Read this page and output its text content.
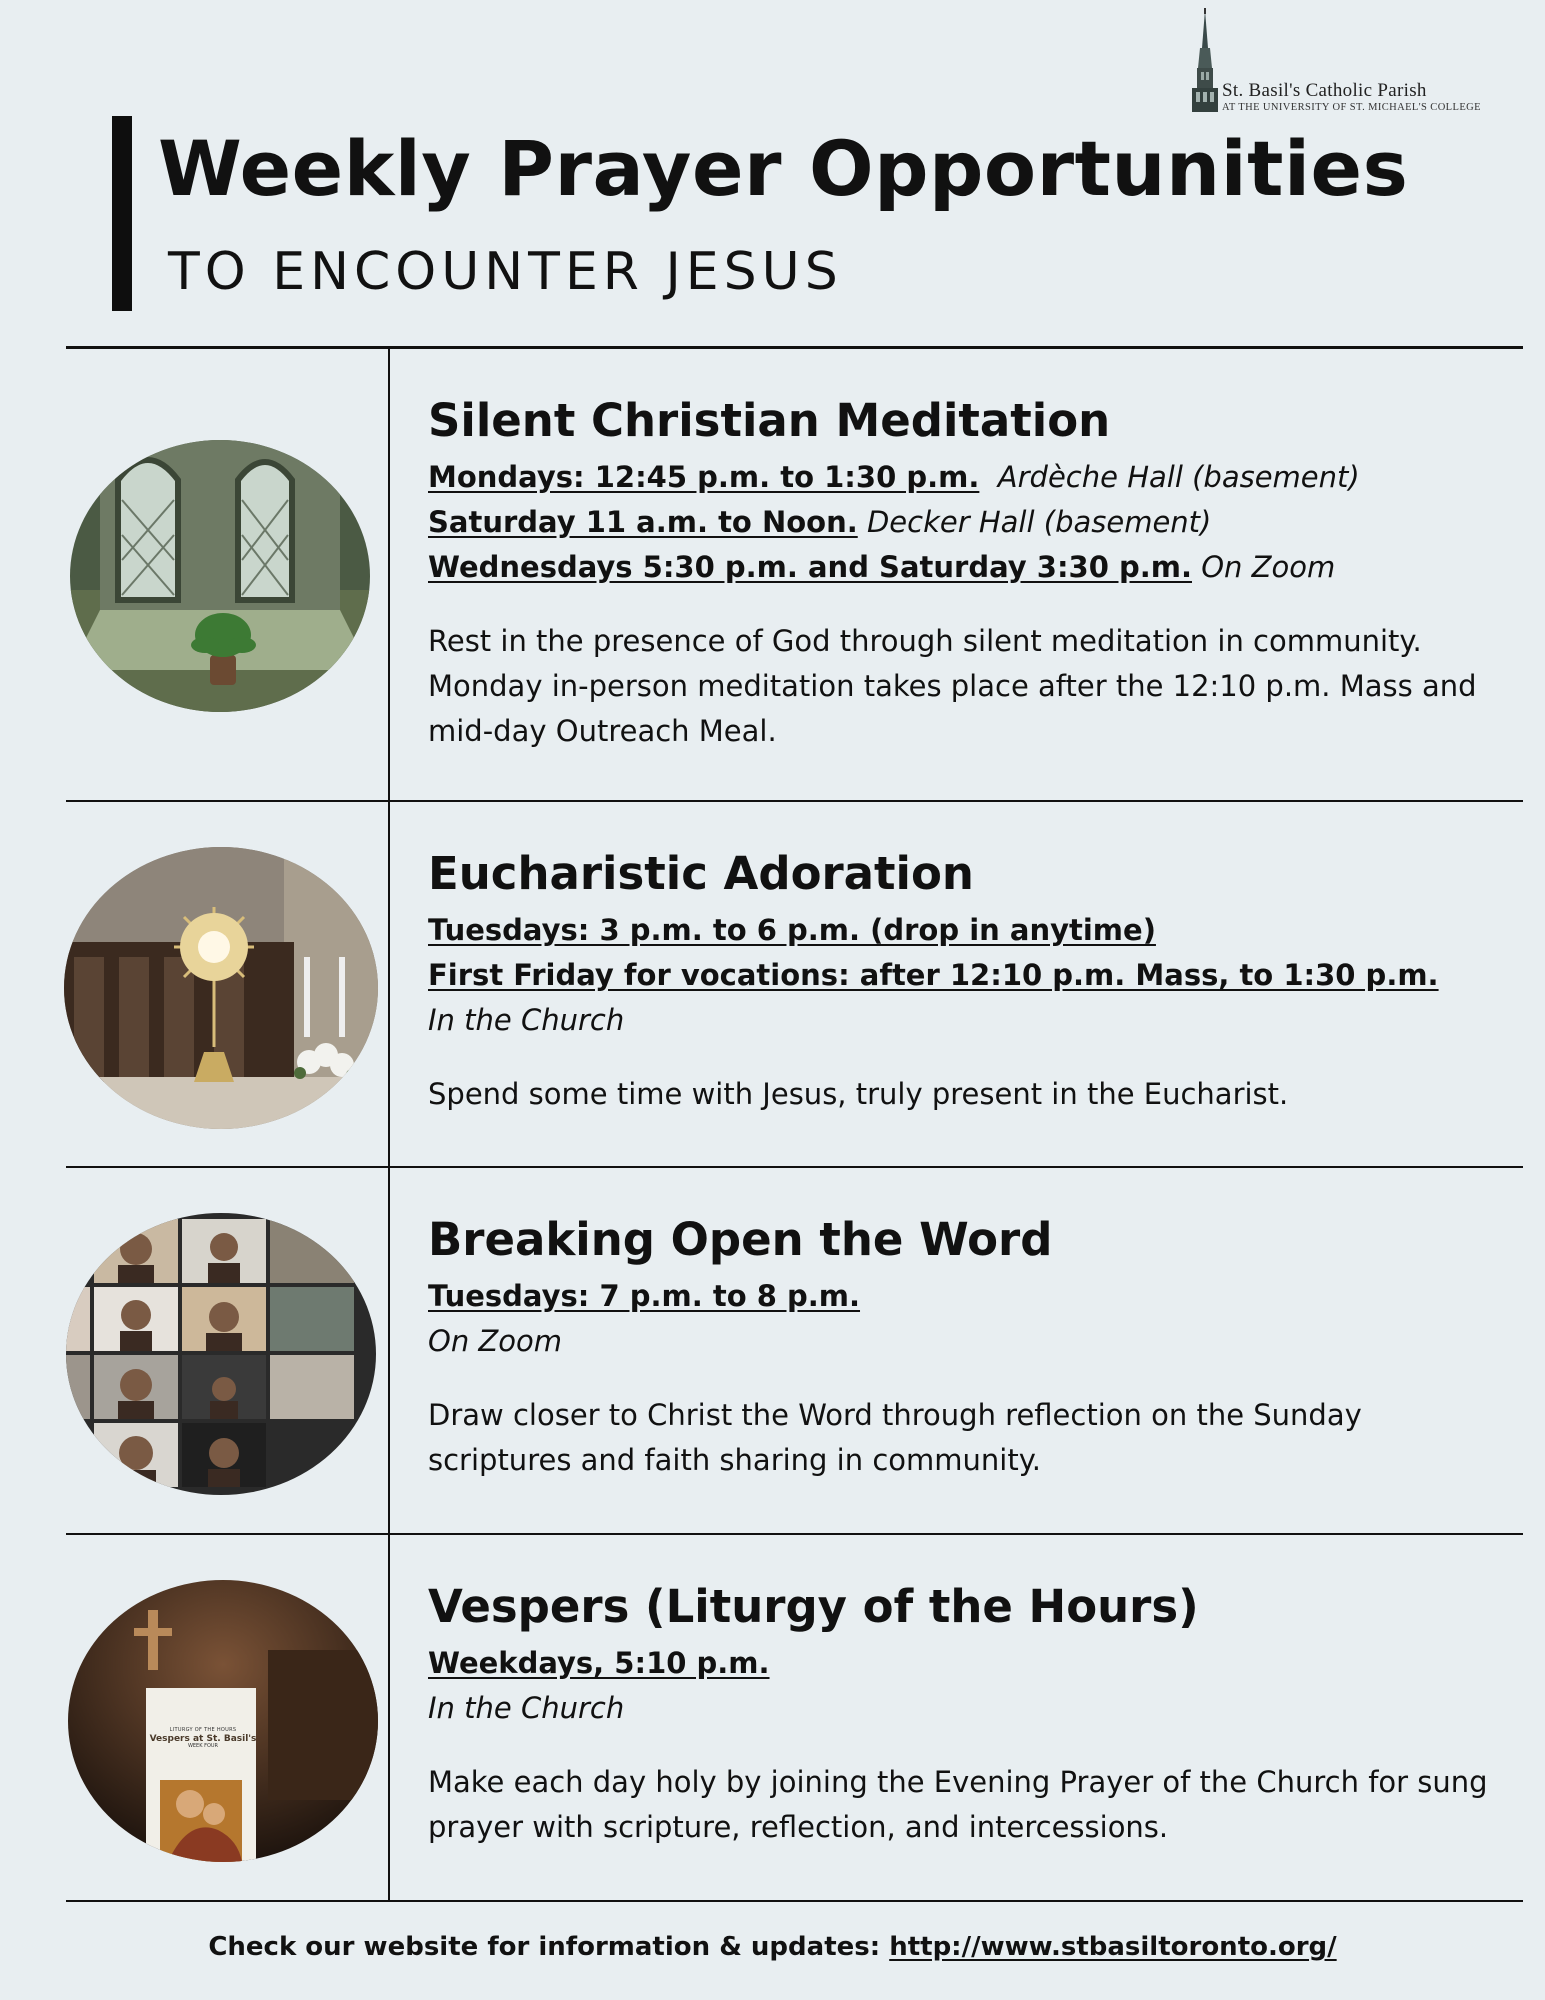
St. Basil's Catholic Parish
AT THE UNIVERSITY OF ST. MICHAEL'S COLLEGE
Weekly Prayer Opportunities
TO ENCOUNTER JESUS
Silent Christian Meditation
Mondays: 12:45 p.m. to 1:30 p.m. Ardèche Hall (basement)
Saturday 11 a.m. to Noon. Decker Hall (basement)
Wednesdays 5:30 p.m. and Saturday 3:30 p.m. On Zoom

Rest in the presence of God through silent meditation in community. Monday in-person meditation takes place after the 12:10 p.m. Mass and mid-day Outreach Meal.

Eucharistic Adoration
Tuesdays: 3 p.m. to 6 p.m. (drop in anytime)
First Friday for vocations: after 12:10 p.m. Mass, to 1:30 p.m.
In the Church

Spend some time with Jesus, truly present in the Eucharist.

Breaking Open the Word
Tuesdays: 7 p.m. to 8 p.m.
On Zoom

Draw closer to Christ the Word through reflection on the Sunday scriptures and faith sharing in community.

LITURGY OF THE HOURS
Vespers at St. Basil's
WEEK FOUR
Vespers (Liturgy of the Hours)
Weekdays, 5:10 p.m.
In the Church

Make each day holy by joining the Evening Prayer of the Church for sung prayer with scripture, reflection, and intercessions.

Check our website for information & updates: http://www.stbasiltoronto.org/
